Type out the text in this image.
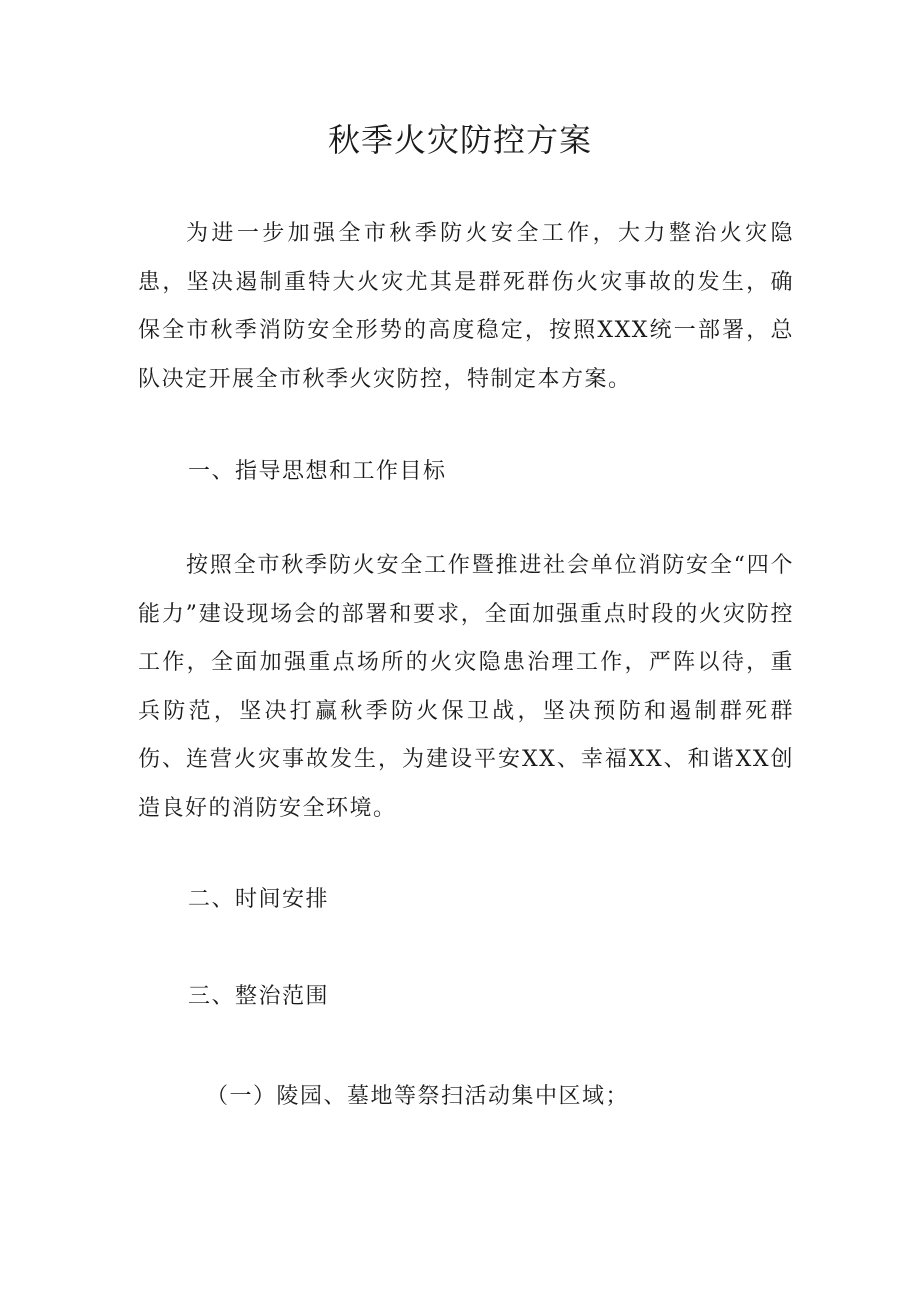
秋季火灾防控方案

为进一步加强全市秋季防火安全工作，大力整治火灾隐患，坚决遏制重特大火灾尤其是群死群伤火灾事故的发生，确保全市秋季消防安全形势的高度稳定，按照XXX统一部署，总队决定开展全市秋季火灾防控，特制定本方案。

一、指导思想和工作目标

按照全市秋季防火安全工作暨推进社会单位消防安全“四个能力”建设现场会的部署和要求，全面加强重点时段的火灾防控工作，全面加强重点场所的火灾隐患治理工作，严阵以待，重兵防范，坚决打赢秋季防火保卫战，坚决预防和遏制群死群伤、连营火灾事故发生，为建设平安XX、幸福XX、和谐XX创造良好的消防安全环境。

二、时间安排
三、整治范围

（一）陵园、墓地等祭扫活动集中区域；
